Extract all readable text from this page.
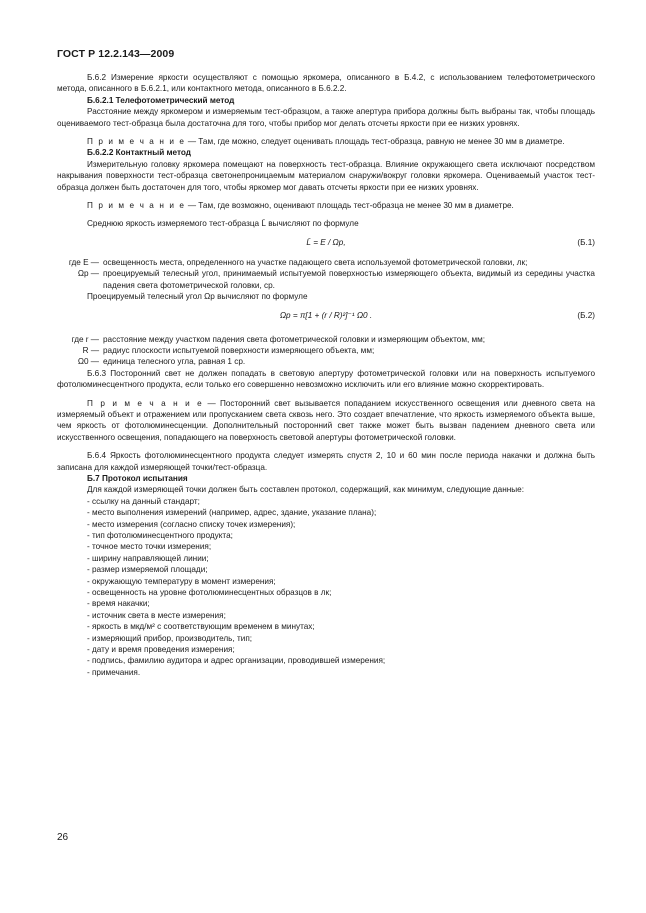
ГОСТ Р 12.2.143—2009

Б.6.2 Измерение яркости осуществляют с помощью яркомера, описанного в Б.4.2, с использованием телефотометрического метода, описанного в Б.6.2.1, или контактного метода, описанного в Б.6.2.2.

Б.6.2.1 Телефотометрический метод

Расстояние между яркомером и измеряемым тест-образцом, а также апертура прибора должны быть выбраны так, чтобы площадь оцениваемого тест-образца была достаточна для того, чтобы прибор мог делать отсчеты яркости при ее низких уровнях.

П р и м е ч а н и е — Там, где можно, следует оценивать площадь тест-образца, равную не менее 30 мм в диаметре.

Б.6.2.2 Контактный метод

Измерительную головку яркомера помещают на поверхность тест-образца. Влияние окружающего света исключают посредством накрывания поверхности тест-образца светонепроницаемым материалом снаружи/вокруг головки яркомера. Оцениваемый участок тест-образца должен быть достаточен для того, чтобы яркомер мог давать отсчеты яркости при ее низких уровнях.

П р и м е ч а н и е — Там, где возможно, оценивают площадь тест-образца не менее 30 мм в диаметре.

Среднюю яркость измеряемого тест-образца L̄ вычисляют по формуле

L̄ = E / Ωp,	(Б.1)
где E — освещенность места, определенного на участке падающего света используемой фотометрической головки, лк;
Ωp — проецируемый телесный угол, принимаемый испытуемой поверхностью измеряющего объекта, видимый из середины участка падения света фотометрической головки, ср.

Проецируемый телесный угол Ωp вычисляют по формуле

Ωp = π[1 + (r / R)²]⁻¹ Ω0 .	(Б.2)
где r — расстояние между участком падения света фотометрической головки и измеряющим объектом, мм;
R — радиус плоскости испытуемой поверхности измеряющего объекта, мм;
Ω0 — единица телесного угла, равная 1 ср.

Б.6.3 Посторонний свет не должен попадать в световую апертуру фотометрической головки или на поверхность испытуемого фотолюминесцентного продукта, если только его совершенно невозможно исключить или его влияние можно скорректировать.

П р и м е ч а н и е — Посторонний свет вызывается попаданием искусственного освещения или дневного света на измеряемый объект и отражением или пропусканием света сквозь него. Это создает впечатление, что яркость измеряемого объекта выше, чем яркость от фотолюминесценции. Дополнительный посторонний свет также может быть вызван падением дневного света или искусственного освещения, попадающего на поверхность световой апертуры фотометрической головки.

Б.6.4 Яркость фотолюминесцентного продукта следует измерять спустя 2, 10 и 60 мин после периода накачки и должна быть записана для каждой измеряющей точки/тест-образца.

Б.7 Протокол испытания

Для каждой измеряющей точки должен быть составлен протокол, содержащий, как минимум, следующие данные:

- ссылку на данный стандарт;
- место выполнения измерений (например, адрес, здание, указание плана);
- место измерения (согласно списку точек измерения);
- тип фотолюминесцентного продукта;
- точное место точки измерения;
- ширину направляющей линии;
- размер измеряемой площади;
- окружающую температуру в момент измерения;
- освещенность на уровне фотолюминесцентных образцов в лк;
- время накачки;
- источник света в месте измерения;
- яркость в мкд/м² с соответствующим временем в минутах;
- измеряющий прибор, производитель, тип;
- дату и время проведения измерения;
- подпись, фамилию аудитора и адрес организации, проводившей измерения;
- примечания.
26
